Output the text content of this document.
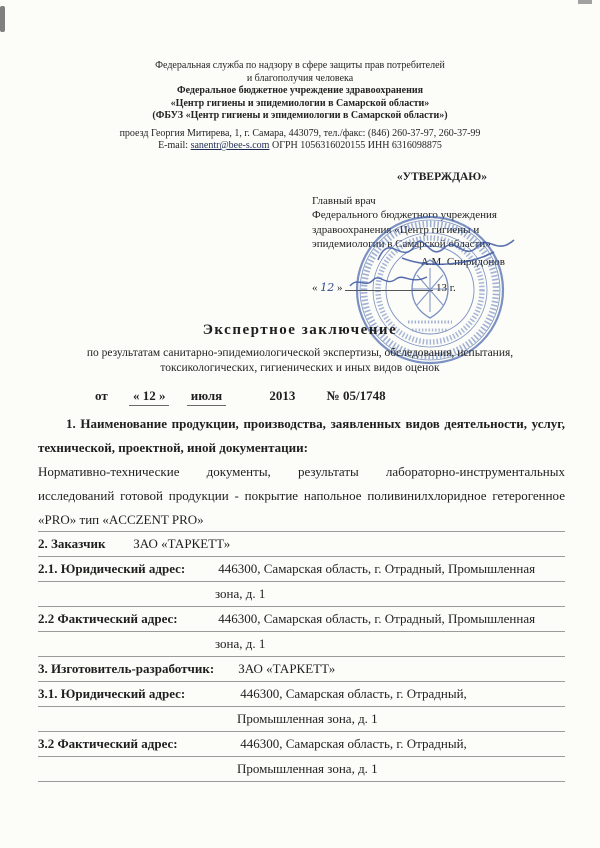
Федеральная служба по надзору в сфере защиты прав потребителей
и благополучия человека
Федеральное бюджетное учреждение здравоохранения
«Центр гигиены и эпидемиологии в Самарской области»
(ФБУЗ «Центр гигиены и эпидемиологии в Самарской области»)
проезд Георгия Митирева, 1, г. Самара, 443079, тел./факс: (846) 260-37-97, 260-37-99
E-mail: sanentr@bee-s.com ОГРН 1056316020155 ИНН 6316098875
«УТВЕРЖДАЮ»
Главный врач
Федерального бюджетного учреждения
здравоохранения «Центр гигиены и
эпидемиологии в Самарской области»
А.М. Спиридонов
« 12 »	13 г.
Экспертное заключение
по результатам санитарно-эпидемиологической экспертизы, обследования, испытания,
токсикологических, гигиенических и иных видов оценок
от « 12 » июля	2013 № 05/1748
1. Наименование продукции, производства, заявленных видов деятельности, услуг, технической, проектной, иной документации:
Нормативно-технические документы, результаты лабораторно-инструментальных исследований готовой продукции - покрытие напольное поливинилхлоридное гетерогенное «PRO» тип «ACCZENT PRO»
2. Заказчик ЗАО «ТАРКЕТТ»
2.1. Юридический адрес:	446300, Самарская область, г. Отрадный, Промышленная
зона, д. 1
2.2 Фактический адрес:	446300, Самарская область, г. Отрадный, Промышленная
зона, д. 1
3. Изготовитель-разработчик: ЗАО «ТАРКЕТТ»
3.1. Юридический адрес:	446300, Самарская область, г. Отрадный,
Промышленная зона, д. 1
3.2 Фактический адрес:	446300, Самарская область, г. Отрадный,
Промышленная зона, д. 1
